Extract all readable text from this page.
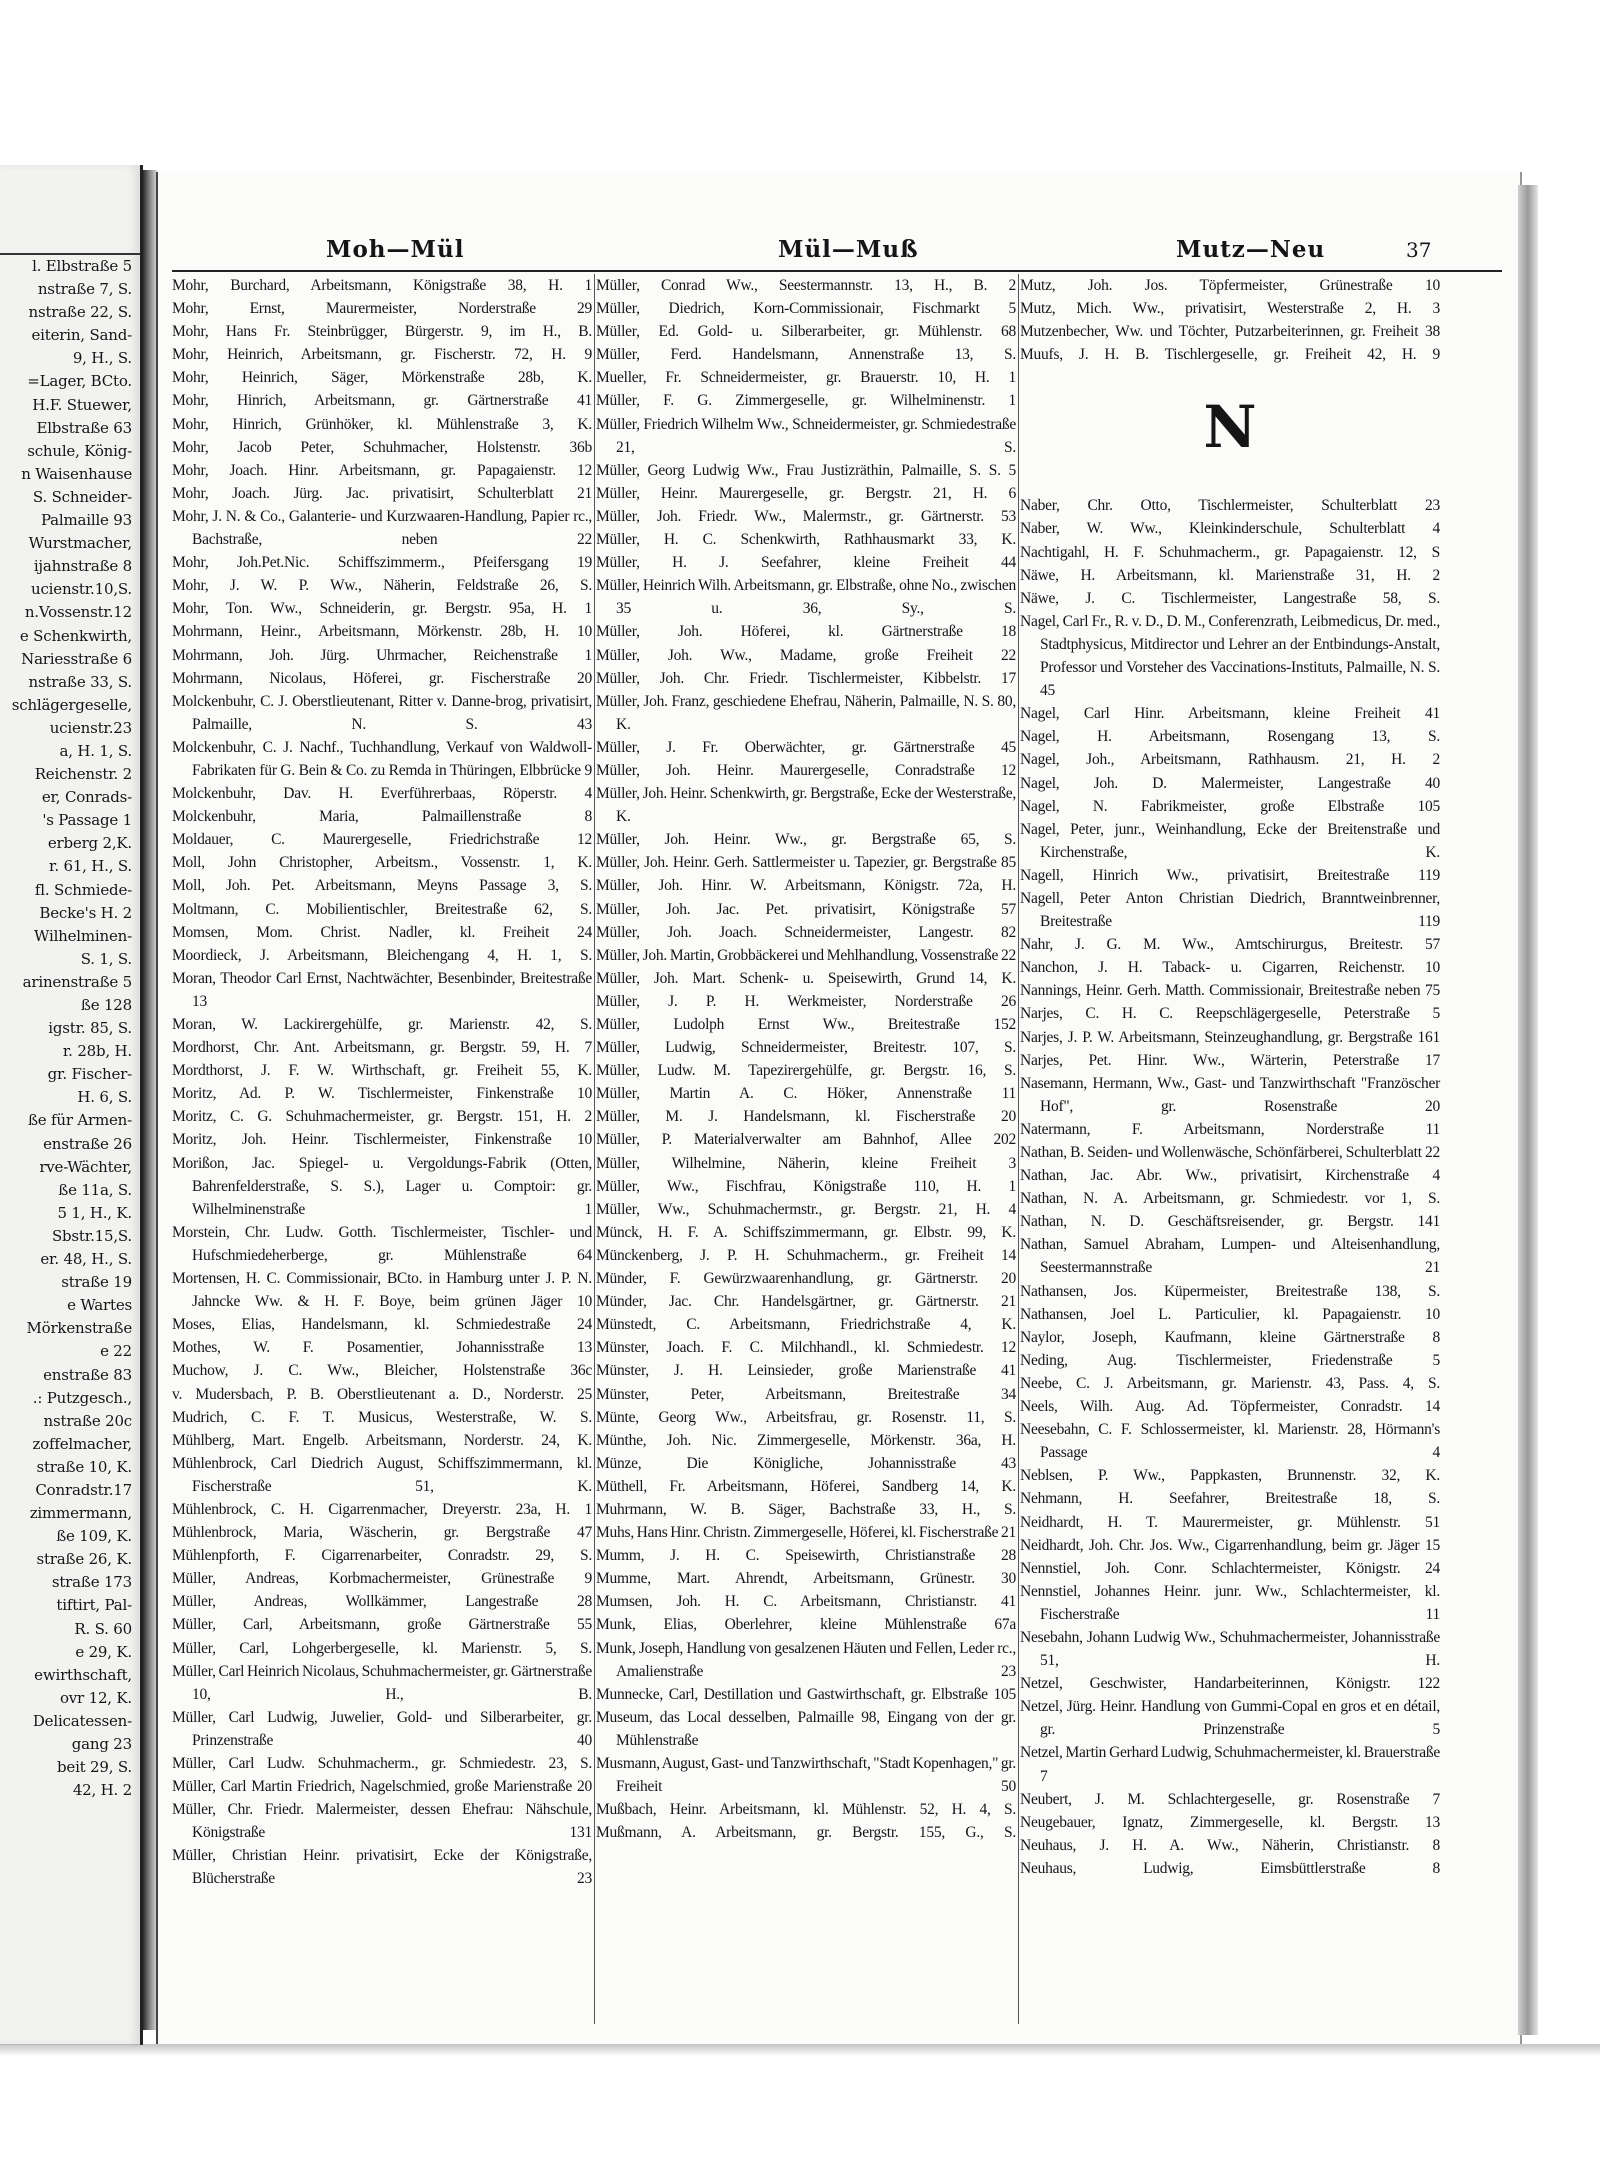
l. Elbstraße 5
nstraße 7, S.
nstraße 22, S.
eiterin, Sand-
9, H., S.
=Lager, BCto.
H.F. Stuewer,
Elbstraße 63
schule, König-
n Waisenhause
S. Schneider-
Palmaille 93
Wurstmacher,
ijahnstraße 8
ucienstr.10,S.
n.Vossenstr.12
e Schenkwirth,
Nariesstraße 6
nstraße 33, S.
schlägergeselle,
ucienstr.23
a, H. 1, S.
Reichenstr. 2
er, Conrads-
's Passage 1
erberg 2,K.
r. 61, H., S.
fl. Schmiede-
Becke's H. 2
Wilhelminen-
S. 1, S.
arinenstraße 5
ße 128
igstr. 85, S.
r. 28b, H.
gr. Fischer-
H. 6, S.
ße für Armen-
enstraße 26
rve-Wächter,
ße 11a, S.
5 1, H., K.
Sbstr.15,S.
er. 48, H., S.
straße 19
e Wartes
Mörkenstraße
e 22
enstraße 83
.: Putzgesch.,
nstraße 20c
zoffelmacher,
straße 10, K.
Conradstr.17
zimmermann,
ße 109, K.
straße 26, K.
straße 173
tiftirt, Pal-
R. S. 60
e 29, K.
ewirthschaft,
ovr 12, K.
Delicatessen-
gang 23
beit 29, S.
42, H. 2
Moh—Mül	Mül—Muß	Mutz—Neu	37
Mohr, Burchard, Arbeitsmann, Königstraße 38, H. 1
Mohr, Ernst, Maurermeister, Norderstraße 29
Mohr, Hans Fr. Steinbrügger, Bürgerstr. 9, im H., B.
Mohr, Heinrich, Arbeitsmann, gr. Fischerstr. 72, H. 9
Mohr, Heinrich, Säger, Mörkenstraße 28b, K.
Mohr, Hinrich, Arbeitsmann, gr. Gärtnerstraße 41
Mohr, Hinrich, Grünhöker, kl. Mühlenstraße 3, K.
Mohr, Jacob Peter, Schuhmacher, Holstenstr. 36b
Mohr, Joach. Hinr. Arbeitsmann, gr. Papagaienstr. 12
Mohr, Joach. Jürg. Jac. privatisirt, Schulterblatt 21
Mohr, J. N. & Co., Galanterie- und Kurzwaaren-Handlung, Papier rc., Bachstraße, neben 22
Mohr, Joh.Pet.Nic. Schiffszimmerm., Pfeifersgang 19
Mohr, J. W. P. Ww., Näherin, Feldstraße 26, S.
Mohr, Ton. Ww., Schneiderin, gr. Bergstr. 95a, H. 1
Mohrmann, Heinr., Arbeitsmann, Mörkenstr. 28b, H. 10
Mohrmann, Joh. Jürg. Uhrmacher, Reichenstraße 1
Mohrmann, Nicolaus, Höferei, gr. Fischerstraße 20
Molckenbuhr, C. J. Oberstlieutenant, Ritter v. Danne-brog, privatisirt, Palmaille, N. S. 43
Molckenbuhr, C. J. Nachf., Tuchhandlung, Verkauf von Waldwoll-Fabrikaten für G. Bein & Co. zu Remda in Thüringen, Elbbrücke 9
Molckenbuhr, Dav. H. Everführerbaas, Röperstr. 4
Molckenbuhr, Maria, Palmaillenstraße 8
Moldauer, C. Maurergeselle, Friedrichstraße 12
Moll, John Christopher, Arbeitsm., Vossenstr. 1, K.
Moll, Joh. Pet. Arbeitsmann, Meyns Passage 3, S.
Moltmann, C. Mobilientischler, Breitestraße 62, S.
Momsen, Mom. Christ. Nadler, kl. Freiheit 24
Moordieck, J. Arbeitsmann, Bleichengang 4, H. 1, S.
Moran, Theodor Carl Ernst, Nachtwächter, Besenbinder, Breitestraße 13
Moran, W. Lackirergehülfe, gr. Marienstr. 42, S.
Mordhorst, Chr. Ant. Arbeitsmann, gr. Bergstr. 59, H. 7
Mordthorst, J. F. W. Wirthschaft, gr. Freiheit 55, K.
Moritz, Ad. P. W. Tischlermeister, Finkenstraße 10
Moritz, C. G. Schuhmachermeister, gr. Bergstr. 151, H. 2
Moritz, Joh. Heinr. Tischlermeister, Finkenstraße 10
Morißon, Jac. Spiegel- u. Vergoldungs-Fabrik (Otten, Bahrenfelderstraße, S. S.), Lager u. Comptoir: gr. Wilhelminenstraße 1
Morstein, Chr. Ludw. Gotth. Tischlermeister, Tischler- und Hufschmiedeherberge, gr. Mühlenstraße 64
Mortensen, H. C. Commissionair, BCto. in Hamburg unter J. P. N. Jahncke Ww. & H. F. Boye, beim grünen Jäger 10
Moses, Elias, Handelsmann, kl. Schmiedestraße 24
Mothes, W. F. Posamentier, Johannisstraße 13
Muchow, J. C. Ww., Bleicher, Holstenstraße 36c
v. Mudersbach, P. B. Oberstlieutenant a. D., Norderstr. 25
Mudrich, C. F. T. Musicus, Westerstraße, W. S.
Mühlberg, Mart. Engelb. Arbeitsmann, Norderstr. 24, K.
Mühlenbrock, Carl Diedrich August, Schiffszimmermann, kl. Fischerstraße 51, K.
Mühlenbrock, C. H. Cigarrenmacher, Dreyerstr. 23a, H. 1
Mühlenbrock, Maria, Wäscherin, gr. Bergstraße 47
Mühlenpforth, F. Cigarrenarbeiter, Conradstr. 29, S.
Müller, Andreas, Korbmachermeister, Grünestraße 9
Müller, Andreas, Wollkämmer, Langestraße 28
Müller, Carl, Arbeitsmann, große Gärtnerstraße 55
Müller, Carl, Lohgerbergeselle, kl. Marienstr. 5, S.
Müller, Carl Heinrich Nicolaus, Schuhmachermeister, gr. Gärtnerstraße 10, H., B.
Müller, Carl Ludwig, Juwelier, Gold- und Silberarbeiter, gr. Prinzenstraße 40
Müller, Carl Ludw. Schuhmacherm., gr. Schmiedestr. 23, S.
Müller, Carl Martin Friedrich, Nagelschmied, große Marienstraße 20
Müller, Chr. Friedr. Malermeister, dessen Ehefrau: Nähschule, Königstraße 131
Müller, Christian Heinr. privatisirt, Ecke der Königstraße, Blücherstraße 23
Müller, Conrad Ww., Seestermannstr. 13, H., B. 2
Müller, Diedrich, Korn-Commissionair, Fischmarkt 5
Müller, Ed. Gold- u. Silberarbeiter, gr. Mühlenstr. 68
Müller, Ferd. Handelsmann, Annenstraße 13, S.
Mueller, Fr. Schneidermeister, gr. Brauerstr. 10, H. 1
Müller, F. G. Zimmergeselle, gr. Wilhelminenstr. 1
Müller, Friedrich Wilhelm Ww., Schneidermeister, gr. Schmiedestraße 21, S.
Müller, Georg Ludwig Ww., Frau Justizräthin, Palmaille, S. S. 5
Müller, Heinr. Maurergeselle, gr. Bergstr. 21, H. 6
Müller, Joh. Friedr. Ww., Malermstr., gr. Gärtnerstr. 53
Müller, H. C. Schenkwirth, Rathhausmarkt 33, K.
Müller, H. J. Seefahrer, kleine Freiheit 44
Müller, Heinrich Wilh. Arbeitsmann, gr. Elbstraße, ohne No., zwischen 35 u. 36, Sy., S.
Müller, Joh. Höferei, kl. Gärtnerstraße 18
Müller, Joh. Ww., Madame, große Freiheit 22
Müller, Joh. Chr. Friedr. Tischlermeister, Kibbelstr. 17
Müller, Joh. Franz, geschiedene Ehefrau, Näherin, Palmaille, N. S. 80, K.
Müller, J. Fr. Oberwächter, gr. Gärtnerstraße 45
Müller, Joh. Heinr. Maurergeselle, Conradstraße 12
Müller, Joh. Heinr. Schenkwirth, gr. Bergstraße, Ecke der Westerstraße, K.
Müller, Joh. Heinr. Ww., gr. Bergstraße 65, S.
Müller, Joh. Heinr. Gerh. Sattlermeister u. Tapezier, gr. Bergstraße 85
Müller, Joh. Hinr. W. Arbeitsmann, Königstr. 72a, H.
Müller, Joh. Jac. Pet. privatisirt, Königstraße 57
Müller, Joh. Joach. Schneidermeister, Langestr. 82
Müller, Joh. Martin, Grobbäckerei und Mehlhandlung, Vossenstraße 22
Müller, Joh. Mart. Schenk- u. Speisewirth, Grund 14, K.
Müller, J. P. H. Werkmeister, Norderstraße 26
Müller, Ludolph Ernst Ww., Breitestraße 152
Müller, Ludwig, Schneidermeister, Breitestr. 107, S.
Müller, Ludw. M. Tapezirergehülfe, gr. Bergstr. 16, S.
Müller, Martin A. C. Höker, Annenstraße 11
Müller, M. J. Handelsmann, kl. Fischerstraße 20
Müller, P. Materialverwalter am Bahnhof, Allee 202
Müller, Wilhelmine, Näherin, kleine Freiheit 3
Müller, Ww., Fischfrau, Königstraße 110, H. 1
Müller, Ww., Schuhmachermstr., gr. Bergstr. 21, H. 4
Münck, H. F. A. Schiffszimmermann, gr. Elbstr. 99, K.
Münckenberg, J. P. H. Schuhmacherm., gr. Freiheit 14
Münder, F. Gewürzwaarenhandlung, gr. Gärtnerstr. 20
Münder, Jac. Chr. Handelsgärtner, gr. Gärtnerstr. 21
Münstedt, C. Arbeitsmann, Friedrichstraße 4, K.
Münster, Joach. F. C. Milchhandl., kl. Schmiedestr. 12
Münster, J. H. Leinsieder, große Marienstraße 41
Münster, Peter, Arbeitsmann, Breitestraße 34
Münte, Georg Ww., Arbeitsfrau, gr. Rosenstr. 11, S.
Münthe, Joh. Nic. Zimmergeselle, Mörkenstr. 36a, H.
Münze, Die Königliche, Johannisstraße 43
Müthell, Fr. Arbeitsmann, Höferei, Sandberg 14, K.
Muhrmann, W. B. Säger, Bachstraße 33, H., S.
Muhs, Hans Hinr. Christn. Zimmergeselle, Höferei, kl. Fischerstraße 21
Mumm, J. H. C. Speisewirth, Christianstraße 28
Mumme, Mart. Ahrendt, Arbeitsmann, Grünestr. 30
Mumsen, Joh. H. C. Arbeitsmann, Christianstr. 41
Munk, Elias, Oberlehrer, kleine Mühlenstraße 67a
Munk, Joseph, Handlung von gesalzenen Häuten und Fellen, Leder rc., Amalienstraße 23
Munnecke, Carl, Destillation und Gastwirthschaft, gr. Elbstraße 105
Museum, das Local desselben, Palmaille 98, Eingang von der gr. Mühlenstraße
Musmann, August, Gast- und Tanzwirthschaft, "Stadt Kopenhagen," gr. Freiheit 50
Mußbach, Heinr. Arbeitsmann, kl. Mühlenstr. 52, H. 4, S.
Mußmann, A. Arbeitsmann, gr. Bergstr. 155, G., S.
Mutz, Joh. Jos. Töpfermeister, Grünestraße 10
Mutz, Mich. Ww., privatisirt, Westerstraße 2, H. 3
Mutzenbecher, Ww. und Töchter, Putzarbeiterinnen, gr. Freiheit 38
Muufs, J. H. B. Tischlergeselle, gr. Freiheit 42, H. 9
N
Naber, Chr. Otto, Tischlermeister, Schulterblatt 23
Naber, W. Ww., Kleinkinderschule, Schulterblatt 4
Nachtigahl, H. F. Schuhmacherm., gr. Papagaienstr. 12, S
Näwe, H. Arbeitsmann, kl. Marienstraße 31, H. 2
Näwe, J. C. Tischlermeister, Langestraße 58, S.
Nagel, Carl Fr., R. v. D., D. M., Conferenzrath, Leibmedicus, Dr. med., Stadtphysicus, Mitdirector und Lehrer an der Entbindungs-Anstalt, Professor und Vorsteher des Vaccinations-Instituts, Palmaille, N. S. 45
Nagel, Carl Hinr. Arbeitsmann, kleine Freiheit 41
Nagel, H. Arbeitsmann, Rosengang 13, S.
Nagel, Joh., Arbeitsmann, Rathhausm. 21, H. 2
Nagel, Joh. D. Malermeister, Langestraße 40
Nagel, N. Fabrikmeister, große Elbstraße 105
Nagel, Peter, junr., Weinhandlung, Ecke der Breitenstraße und Kirchenstraße, K.
Nagell, Hinrich Ww., privatisirt, Breitestraße 119
Nagell, Peter Anton Christian Diedrich, Branntweinbrenner, Breitestraße 119
Nahr, J. G. M. Ww., Amtschirurgus, Breitestr. 57
Nanchon, J. H. Taback- u. Cigarren, Reichenstr. 10
Nannings, Heinr. Gerh. Matth. Commissionair, Breitestraße neben 75
Narjes, C. H. C. Reepschlägergeselle, Peterstraße 5
Narjes, J. P. W. Arbeitsmann, Steinzeughandlung, gr. Bergstraße 161
Narjes, Pet. Hinr. Ww., Wärterin, Peterstraße 17
Nasemann, Hermann, Ww., Gast- und Tanzwirthschaft "Französcher Hof", gr. Rosenstraße 20
Natermann, F. Arbeitsmann, Norderstraße 11
Nathan, B. Seiden- und Wollenwäsche, Schönfärberei, Schulterblatt 22
Nathan, Jac. Abr. Ww., privatisirt, Kirchenstraße 4
Nathan, N. A. Arbeitsmann, gr. Schmiedestr. vor 1, S.
Nathan, N. D. Geschäftsreisender, gr. Bergstr. 141
Nathan, Samuel Abraham, Lumpen- und Alteisenhandlung, Seestermannstraße 21
Nathansen, Jos. Küpermeister, Breitestraße 138, S.
Nathansen, Joel L. Particulier, kl. Papagaienstr. 10
Naylor, Joseph, Kaufmann, kleine Gärtnerstraße 8
Neding, Aug. Tischlermeister, Friedenstraße 5
Neebe, C. J. Arbeitsmann, gr. Marienstr. 43, Pass. 4, S.
Neels, Wilh. Aug. Ad. Töpfermeister, Conradstr. 14
Neesebahn, C. F. Schlossermeister, kl. Marienstr. 28, Hörmann's Passage 4
Neblsen, P. Ww., Pappkasten, Brunnenstr. 32, K.
Nehmann, H. Seefahrer, Breitestraße 18, S.
Neidhardt, H. T. Maurermeister, gr. Mühlenstr. 51
Neidhardt, Joh. Chr. Jos. Ww., Cigarrenhandlung, beim gr. Jäger 15
Nennstiel, Joh. Conr. Schlachtermeister, Königstr. 24
Nennstiel, Johannes Heinr. junr. Ww., Schlachtermeister, kl. Fischerstraße 11
Nesebahn, Johann Ludwig Ww., Schuhmachermeister, Johannisstraße 51, H.
Netzel, Geschwister, Handarbeiterinnen, Königstr. 122
Netzel, Jürg. Heinr. Handlung von Gummi-Copal en gros et en détail, gr. Prinzenstraße 5
Netzel, Martin Gerhard Ludwig, Schuhmachermeister, kl. Brauerstraße 7
Neubert, J. M. Schlachtergeselle, gr. Rosenstraße 7
Neugebauer, Ignatz, Zimmergeselle, kl. Bergstr. 13
Neuhaus, J. H. A. Ww., Näherin, Christianstr. 8
Neuhaus, Ludwig, Eimsbüttlerstraße 8
